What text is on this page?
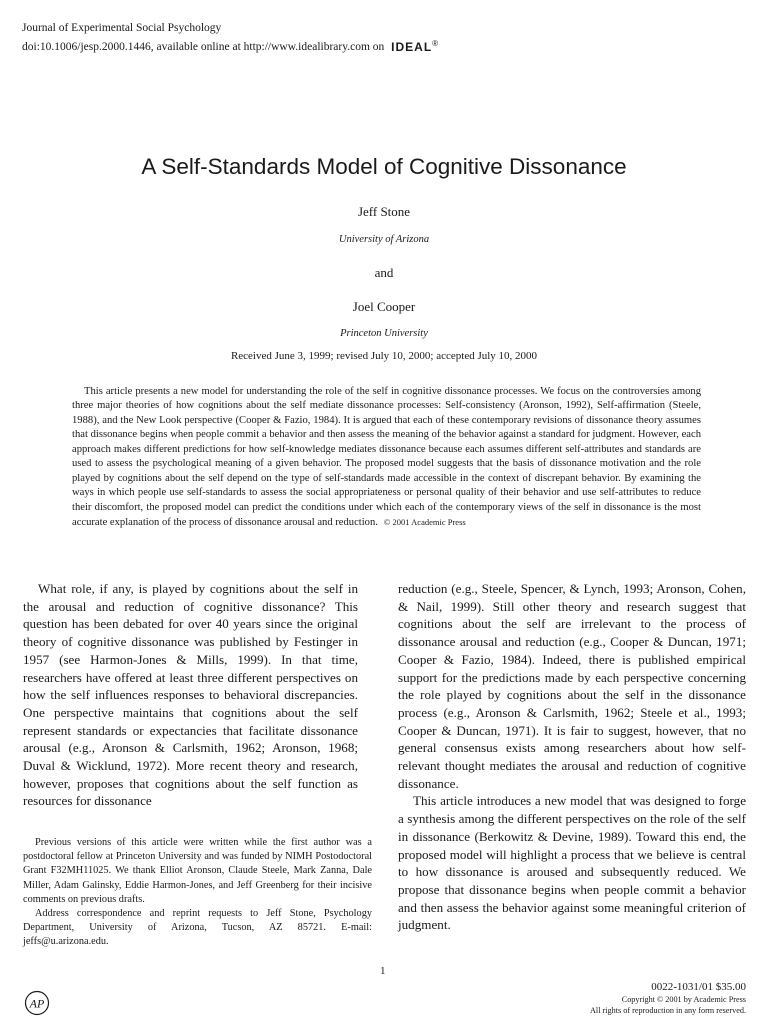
Journal of Experimental Social Psychology
doi:10.1006/jesp.2000.1446, available online at http://www.idealibrary.com on IDEAL®
A Self-Standards Model of Cognitive Dissonance
Jeff Stone
University of Arizona
and
Joel Cooper
Princeton University
Received June 3, 1999; revised July 10, 2000; accepted July 10, 2000
This article presents a new model for understanding the role of the self in cognitive dissonance processes. We focus on the controversies among three major theories of how cognitions about the self mediate dissonance processes: Self-consistency (Aronson, 1992), Self-affirmation (Steele, 1988), and the New Look perspective (Cooper & Fazio, 1984). It is argued that each of these contemporary revisions of dissonance theory assumes that dissonance begins when people commit a behavior and then assess the meaning of the behavior against a standard for judgment. However, each approach makes different predictions for how self-knowledge mediates dissonance because each assumes different self-attributes and standards are used to assess the psychological meaning of a given behavior. The proposed model suggests that the basis of dissonance motivation and the role played by cognitions about the self depend on the type of self-standards made accessible in the context of discrepant behavior. By examining the ways in which people use self-standards to assess the social appropriateness or personal quality of their behavior and use self-attributes to reduce their discomfort, the proposed model can predict the conditions under which each of the contemporary views of the self in dissonance is the most accurate explanation of the process of dissonance arousal and reduction. © 2001 Academic Press

What role, if any, is played by cognitions about the self in the arousal and reduction of cognitive dissonance? This question has been debated for over 40 years since the original theory of cognitive dissonance was published by Festinger in 1957 (see Harmon-Jones & Mills, 1999). In that time, researchers have offered at least three different perspectives on how the self influences responses to behavioral discrepancies. One perspective maintains that cognitions about the self represent standards or expectancies that facilitate dissonance arousal (e.g., Aronson & Carlsmith, 1962; Aronson, 1968; Duval & Wicklund, 1972). More recent theory and research, however, proposes that cognitions about the self function as resources for dissonance

reduction (e.g., Steele, Spencer, & Lynch, 1993; Aronson, Cohen, & Nail, 1999). Still other theory and research suggest that cognitions about the self are irrelevant to the process of dissonance arousal and reduction (e.g., Cooper & Duncan, 1971; Cooper & Fazio, 1984). Indeed, there is published empirical support for the predictions made by each perspective concerning the role played by cognitions about the self in the dissonance process (e.g., Aronson & Carlsmith, 1962; Steele et al., 1993; Cooper & Duncan, 1971). It is fair to suggest, however, that no general consensus exists among researchers about how self-relevant thought mediates the arousal and reduction of cognitive dissonance.

This article introduces a new model that was designed to forge a synthesis among the different perspectives on the role of the self in dissonance (Berkowitz & Devine, 1989). Toward this end, the proposed model will highlight a process that we believe is central to how dissonance is aroused and subsequently reduced. We propose that dissonance begins when people commit a behavior and then assess the behavior against some meaningful criterion of judgment.

Previous versions of this article were written while the first author was a postdoctoral fellow at Princeton University and was funded by NIMH Postodoctoral Grant F32MH11025. We thank Elliot Aronson, Claude Steele, Mark Zanna, Dale Miller, Adam Galinsky, Eddie Harmon-Jones, and Jeff Greenberg for their incisive comments on previous drafts.

Address correspondence and reprint requests to Jeff Stone, Psychology Department, University of Arizona, Tucson, AZ 85721. E-mail: jeffs@u.arizona.edu.

1
AP
0022-1031/01 $35.00
Copyright © 2001 by Academic Press
All rights of reproduction in any form reserved.
